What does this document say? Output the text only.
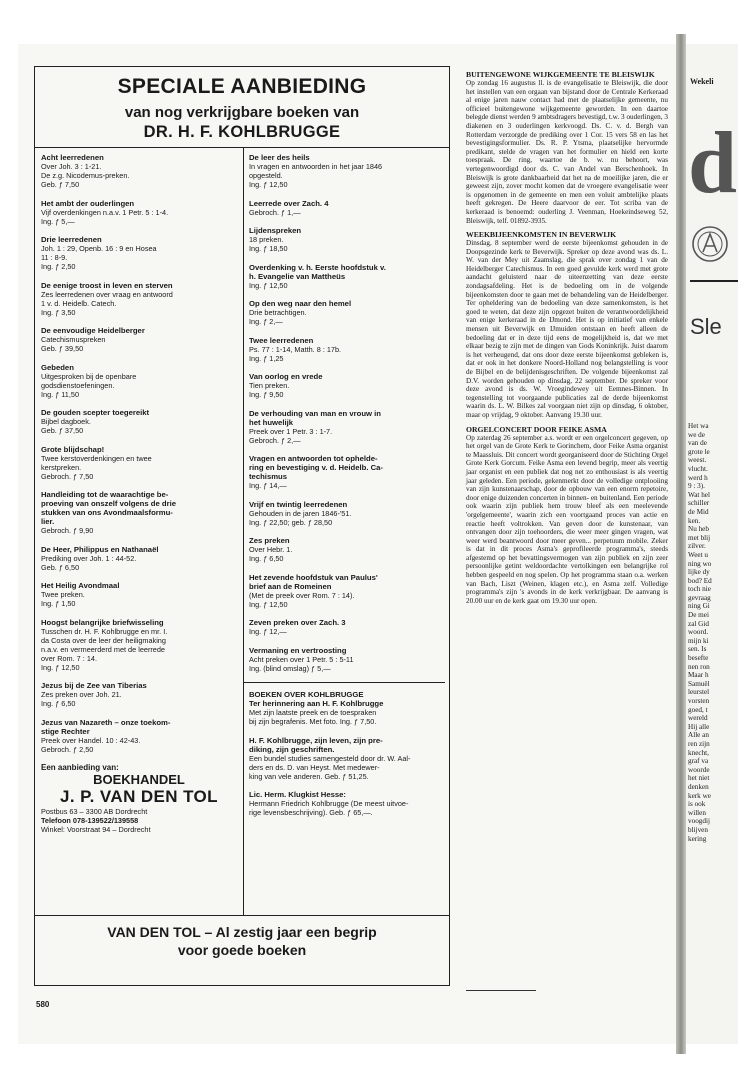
Wekeli
d
Sle
Het wa
we de
van de
grote le
weest.
vlucht.
werd h
9 : 3).
Wat hel
schiller
de Mid
ken.
Nu heb
met blij
zilver.
Weet u
ning wo
lijke dy
bod? Ed
toch nie
gevraag
ning Gi
De mei
zal Gid
woord.
mijn ki
sen. Is
besefte
nen ron
Maar h
Samuël
leurstel
vorsten
goed, t
wereld
Hij alle
Alle an
ren zijn
knecht,
graf va
woorde
het niet
denken
kerk we
is ook
willen
voogdij
blijven
kering
SPECIALE AANBIEDING
van nog verkrijgbare boeken van
DR. H. F. KOHLBRUGGE
Acht leerredenen
Over Joh. 3 : 1-21.
De z.g. Nicodemus-preken.
Geb. ƒ 7,50
Het ambt der ouderlingen
Vijf overdenkingen n.a.v. 1 Petr. 5 : 1-4.
Ing. ƒ 5,—
Drie leerredenen
Joh. 1 : 29, Openb. 16 : 9 en Hosea
11 : 8-9.
Ing. ƒ 2,50
De eenige troost in leven en sterven
Zes leerredenen over vraag en antwoord
1 v. d. Heidelb. Catech.
Ing. ƒ 3,50
De eenvoudige Heidelberger
Catechismuspreken
Geb. ƒ 39,50
Gebeden
Uitgesproken bij de openbare
godsdienstoefeningen.
Ing. ƒ 11,50
De gouden scepter toegereikt
Bijbel dagboek.
Geb. ƒ 37,50
Grote blijdschap!
Twee kerstoverdenkingen en twee
kerstpreken.
Gebroch. ƒ 7,50
Handleiding tot de waarachtige be-
proeving van onszelf volgens de drie
stukken van ons Avondmaalsformu-
lier.
Gebroch. ƒ 9,90
De Heer, Philippus en Nathanaël
Prediking over Joh. 1 : 44-52.
Geb. ƒ 6,50
Het Heilig Avondmaal
Twee preken.
Ing. ƒ 1,50
Hoogst belangrijke briefwisseling
Tusschen dr. H. F. Kohlbrugge en mr. I.
da Costa over de leer der heiligmaking
n.a.v. en vermeerderd met de leerrede
over Rom. 7 : 14.
Ing. ƒ 12,50
Jezus bij de Zee van Tiberias
Zes preken over Joh. 21.
Ing. ƒ 6,50
Jezus van Nazareth – onze toekom-
stige Rechter
Preek over Handel. 10 : 42-43.
Gebroch. ƒ 2,50
Een aanbieding van:
BOEKHANDEL
J. P. VAN DEN TOL
Postbus 63 – 3300 AB Dordrecht
Telefoon 078-139522/139558
Winkel: Voorstraat 94 – Dordrecht
De leer des heils
In vragen en antwoorden in het jaar 1846
opgesteld.
Ing. ƒ 12,50
Leerrede over Zach. 4
Gebroch. ƒ 1,—
Lijdenspreken
18 preken.
Ing. ƒ 18,50
Overdenking v. h. Eerste hoofdstuk v.
h. Evangelie van Mattheüs
Ing. ƒ 12,50
Op den weg naar den hemel
Drie betrachtigen.
Ing. ƒ 2,—
Twee leerredenen
Ps. 77 : 1-14, Matth. 8 : 17b.
Ing. ƒ 1,25
Van oorlog en vrede
Tien preken.
Ing. ƒ 9,50
De verhouding van man en vrouw in
het huwelijk
Preek over 1 Petr. 3 : 1-7.
Gebroch. ƒ 2,—
Vragen en antwoorden tot ophelde-
ring en bevestiging v. d. Heidelb. Ca-
techismus
Ing. ƒ 14,—
Vrijf en twintig leerredenen
Gehouden in de jaren 1846-'51.
Ing. ƒ 22,50; geb. ƒ 28,50
Zes preken
Over Hebr. 1.
Ing. ƒ 6,50
Het zevende hoofdstuk van Paulus'
brief aan de Romeinen
(Met de preek over Rom. 7 : 14).
Ing. ƒ 12,50
Zeven preken over Zach. 3
Ing. ƒ 12,—
Vermaning en vertroosting
Acht preken over 1 Petr. 5 : 5-11
Ing. (blind omslag) ƒ 5,—
BOEKEN OVER KOHLBRUGGE
Ter herinnering aan H. F. Kohlbrugge
Met zijn laatste preek en de toespraken
bij zijn begrafenis. Met foto. Ing. ƒ 7,50.
H. F. Kohlbrugge, zijn leven, zijn pre-
diking, zijn geschriften.
Een bundel studies samengesteld door dr. W. Aal-
ders en ds. D. van Heyst. Met medewer-
king van vele anderen. Geb. ƒ 51,25.
Lic. Herm. Klugkist Hesse:
Hermann Friedrich Kohlbrugge (De meest uitvoe-
rige levensbeschrijving). Geb. ƒ 65,—.
VAN DEN TOL – Al zestig jaar een begrip
voor goede boeken
580

BUITENGEWONE WIJKGEMEENTE TE BLEISWIJK

Op zondag 16 augustus ll. is de evangelisatie te Bleiswijk, die door het instellen van een orgaan van bijstand door de Centrale Kerkeraad al enige jaren nauw contact had met de plaatselijke gemeente, nu officieel buitengewone wijkgemeente geworden. In een daartoe belegde dienst werden 9 ambtsdragers bevestigd, t.w. 3 ouderlingen, 3 diakenen en 3 ouderlingen kerkvoogd. Ds. C. v. d. Bergh van Rotterdam verzorgde de prediking over 1 Cor. 15 vers 58 en las het bevestigingsformulier. Ds. R. P. Ytsma, plaatselijke hervormde predikant, stelde de vragen van het formulier en hield een korte toespraak. De ring, waartoe de b. w. nu behoort, was vertegenwoordigd door ds. C. van Andel van Berschenhoek. In Bleiswijk is grote dankbaarheid dat het na de moeilijke jaren, die er geweest zijn, zover mocht komen dat de vroegere evangelisatie weer is opgenomen in de gemeente en men een voluit ambtelijke plaats heeft gekregen. De Heere daarvoor de eer. Tot scriba van de kerkeraad is benoemd: ouderling J. Veenman, Hoekeindseweg 52, Bleiswijk, telf. 01892-3935.

WEEKBIJEENKOMSTEN IN BEVERWIJK

Dinsdag, 8 september werd de eerste bijeenkomst gehouden in de Doopsgezinde kerk te Beverwijk. Spreker op deze avond was ds. L. W. van der Mey uit Zaamslag, die sprak over zondag 1 van de Heidelberger Catechismus. In een goed gevulde kerk werd met grote aandacht geluisterd naar de uiteenzetting van deze eerste zondagsafdeling. Het is de bedoeling om in de volgende bijeenkomsten door te gaan met de behandeling van de Heidelberger. Ter opheldering van de bedoeling van deze samenkomsten, is het goed te weten, dat deze zijn opgezet buiten de verantwoordelijkheid van enige kerkeraad in de IJmond. Het is op initiatief van enkele mensen uit Beverwijk en IJmuiden ontstaan en heeft alleen de bedoeling dat er in deze tijd eens de mogelijkheid is, dat we met elkaar bezig te zijn met de dingen van Gods Koninkrijk. Juist daarom is het verheugend, dat ons door deze eerste bijeenkomst gebleken is, dat er ook in het donkere Noord-Holland nog belangstelling is voor de Bijbel en de belijdenisgeschriften. De volgende bijeenkomst zal D.V. worden gehouden op dinsdag, 22 september. De spreker voor deze avond is ds. W. Vroegindewey uit Eemnes-Binnen. In tegenstelling tot voorgaande publicaties zal de derde bijeenkomst waarin ds. L. W. Bilkes zal voorgaan niet zijn op dinsdag, 6 oktober, maar op vrijdag, 9 oktober. Aanvang 19.30 uur.

ORGELCONCERT DOOR FEIKE ASMA

Op zaterdag 26 september a.s. wordt er een orgelconcert gegeven, op het orgel van de Grote Kerk te Gorinchem, door Feike Asma organist te Maassluis. Dit concert wordt georganiseerd door de Stichting Orgel Grote Kerk Gorcum. Feike Asma een levend begrip, meer als veertig jaar organist en een publiek dat nog net zo enthousiast is als veertig jaar geleden. Een periode, gekenmerkt door de volledige ontplooiing van zijn kunstenaarschap, door de opbouw van een enorm repetoire, door enige duizenden concerten in binnen- en buitenland. Een periode ook waarin zijn publiek hem trouw bleef als een meelevende 'orgelgemeente', waarin zich een voortgaand proces van actie en reactie heeft voltrokken. Van geven door de kunstenaar, van ontvangen door zijn toehoorders, die weer meer gingen vragen, wat weer werd beantwoord door meer geven... perpetuum mobile. Zeker is dat in dit proces Asma's geprofileerde programma's, steeds afgestemd op het bevattingsvermogen van zijn publiek en zijn zeer persoonlijke getint weldoordachte vertolkingen een belangrijke rol hebben gespeeld en nog spelen. Op het programma staan o.a. werken van Bach, Liszt (Weinen, klagen etc.), en Asma zelf. Volledige programma's zijn 's avonds in de kerk verkrijgbaar. De aanvang is 20.00 uur en de kerk gaat om 19.30 uur open.
